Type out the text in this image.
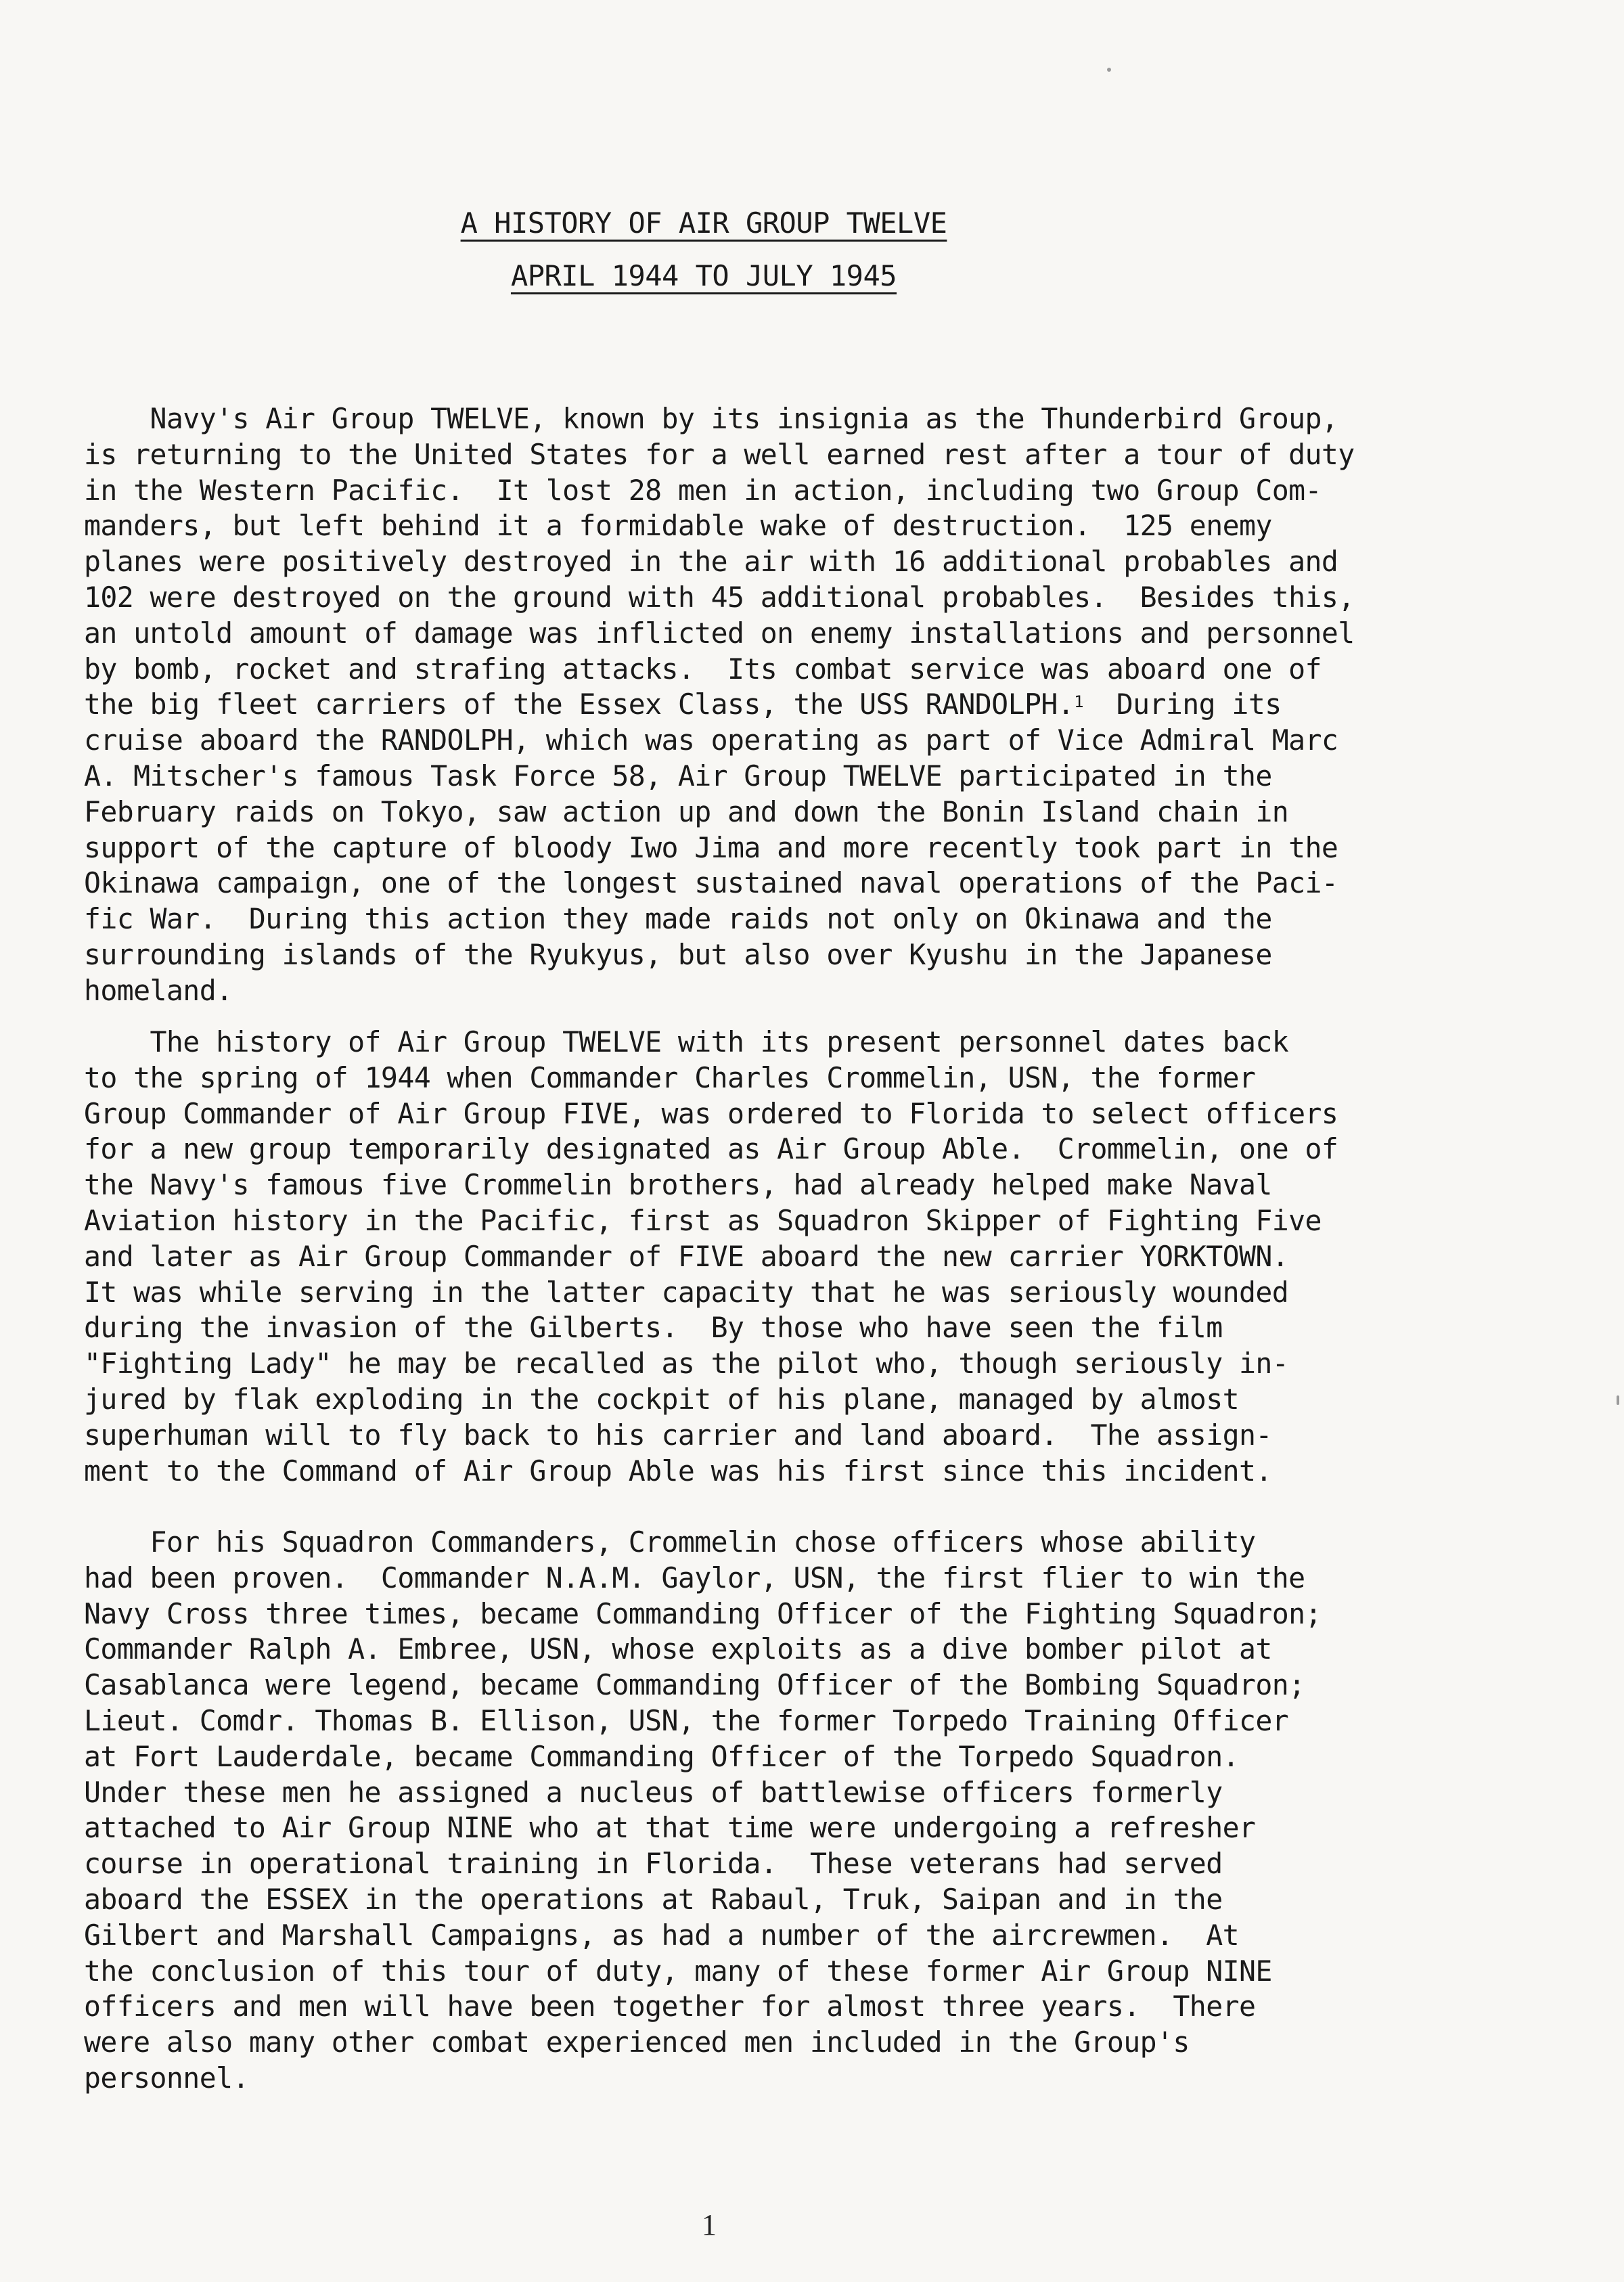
A HISTORY OF AIR GROUP TWELVE
APRIL 1944 TO JULY 1945
Navy's Air Group TWELVE, known by its insignia as the Thunderbird Group,
is returning to the United States for a well earned rest after a tour of duty
in the Western Pacific.  It lost 28 men in action, including two Group Com-
manders, but left behind it a formidable wake of destruction.  125 enemy
planes were positively destroyed in the air with 16 additional probables and
102 were destroyed on the ground with 45 additional probables.  Besides this,
an untold amount of damage was inflicted on enemy installations and personnel
by bomb, rocket and strafing attacks.  Its combat service was aboard one of
the big fleet carriers of the Essex Class, the USS RANDOLPH.$^1$  During its
cruise aboard the RANDOLPH, which was operating as part of Vice Admiral Marc
A. Mitscher's famous Task Force 58, Air Group TWELVE participated in the
February raids on Tokyo, saw action up and down the Bonin Island chain in
support of the capture of bloody Iwo Jima and more recently took part in the
Okinawa campaign, one of the longest sustained naval operations of the Paci-
fic War.  During this action they made raids not only on Okinawa and the
surrounding islands of the Ryukyus, but also over Kyushu in the Japanese
homeland.
The history of Air Group TWELVE with its present personnel dates back
to the spring of 1944 when Commander Charles Crommelin, USN, the former
Group Commander of Air Group FIVE, was ordered to Florida to select officers
for a new group temporarily designated as Air Group Able.  Crommelin, one of
the Navy's famous five Crommelin brothers, had already helped make Naval
Aviation history in the Pacific, first as Squadron Skipper of Fighting Five
and later as Air Group Commander of FIVE aboard the new carrier YORKTOWN.
It was while serving in the latter capacity that he was seriously wounded
during the invasion of the Gilberts.  By those who have seen the film
"Fighting Lady" he may be recalled as the pilot who, though seriously in-
jured by flak exploding in the cockpit of his plane, managed by almost
superhuman will to fly back to his carrier and land aboard.  The assign-
ment to the Command of Air Group Able was his first since this incident.
For his Squadron Commanders, Crommelin chose officers whose ability
had been proven.  Commander N.A.M. Gaylor, USN, the first flier to win the
Navy Cross three times, became Commanding Officer of the Fighting Squadron;
Commander Ralph A. Embree, USN, whose exploits as a dive bomber pilot at
Casablanca were legend, became Commanding Officer of the Bombing Squadron;
Lieut. Comdr. Thomas B. Ellison, USN, the former Torpedo Training Officer
at Fort Lauderdale, became Commanding Officer of the Torpedo Squadron.
Under these men he assigned a nucleus of battlewise officers formerly
attached to Air Group NINE who at that time were undergoing a refresher
course in operational training in Florida.  These veterans had served
aboard the ESSEX in the operations at Rabaul, Truk, Saipan and in the
Gilbert and Marshall Campaigns, as had a number of the aircrewmen.  At
the conclusion of this tour of duty, many of these former Air Group NINE
officers and men will have been together for almost three years.  There
were also many other combat experienced men included in the Group's
personnel.
1
